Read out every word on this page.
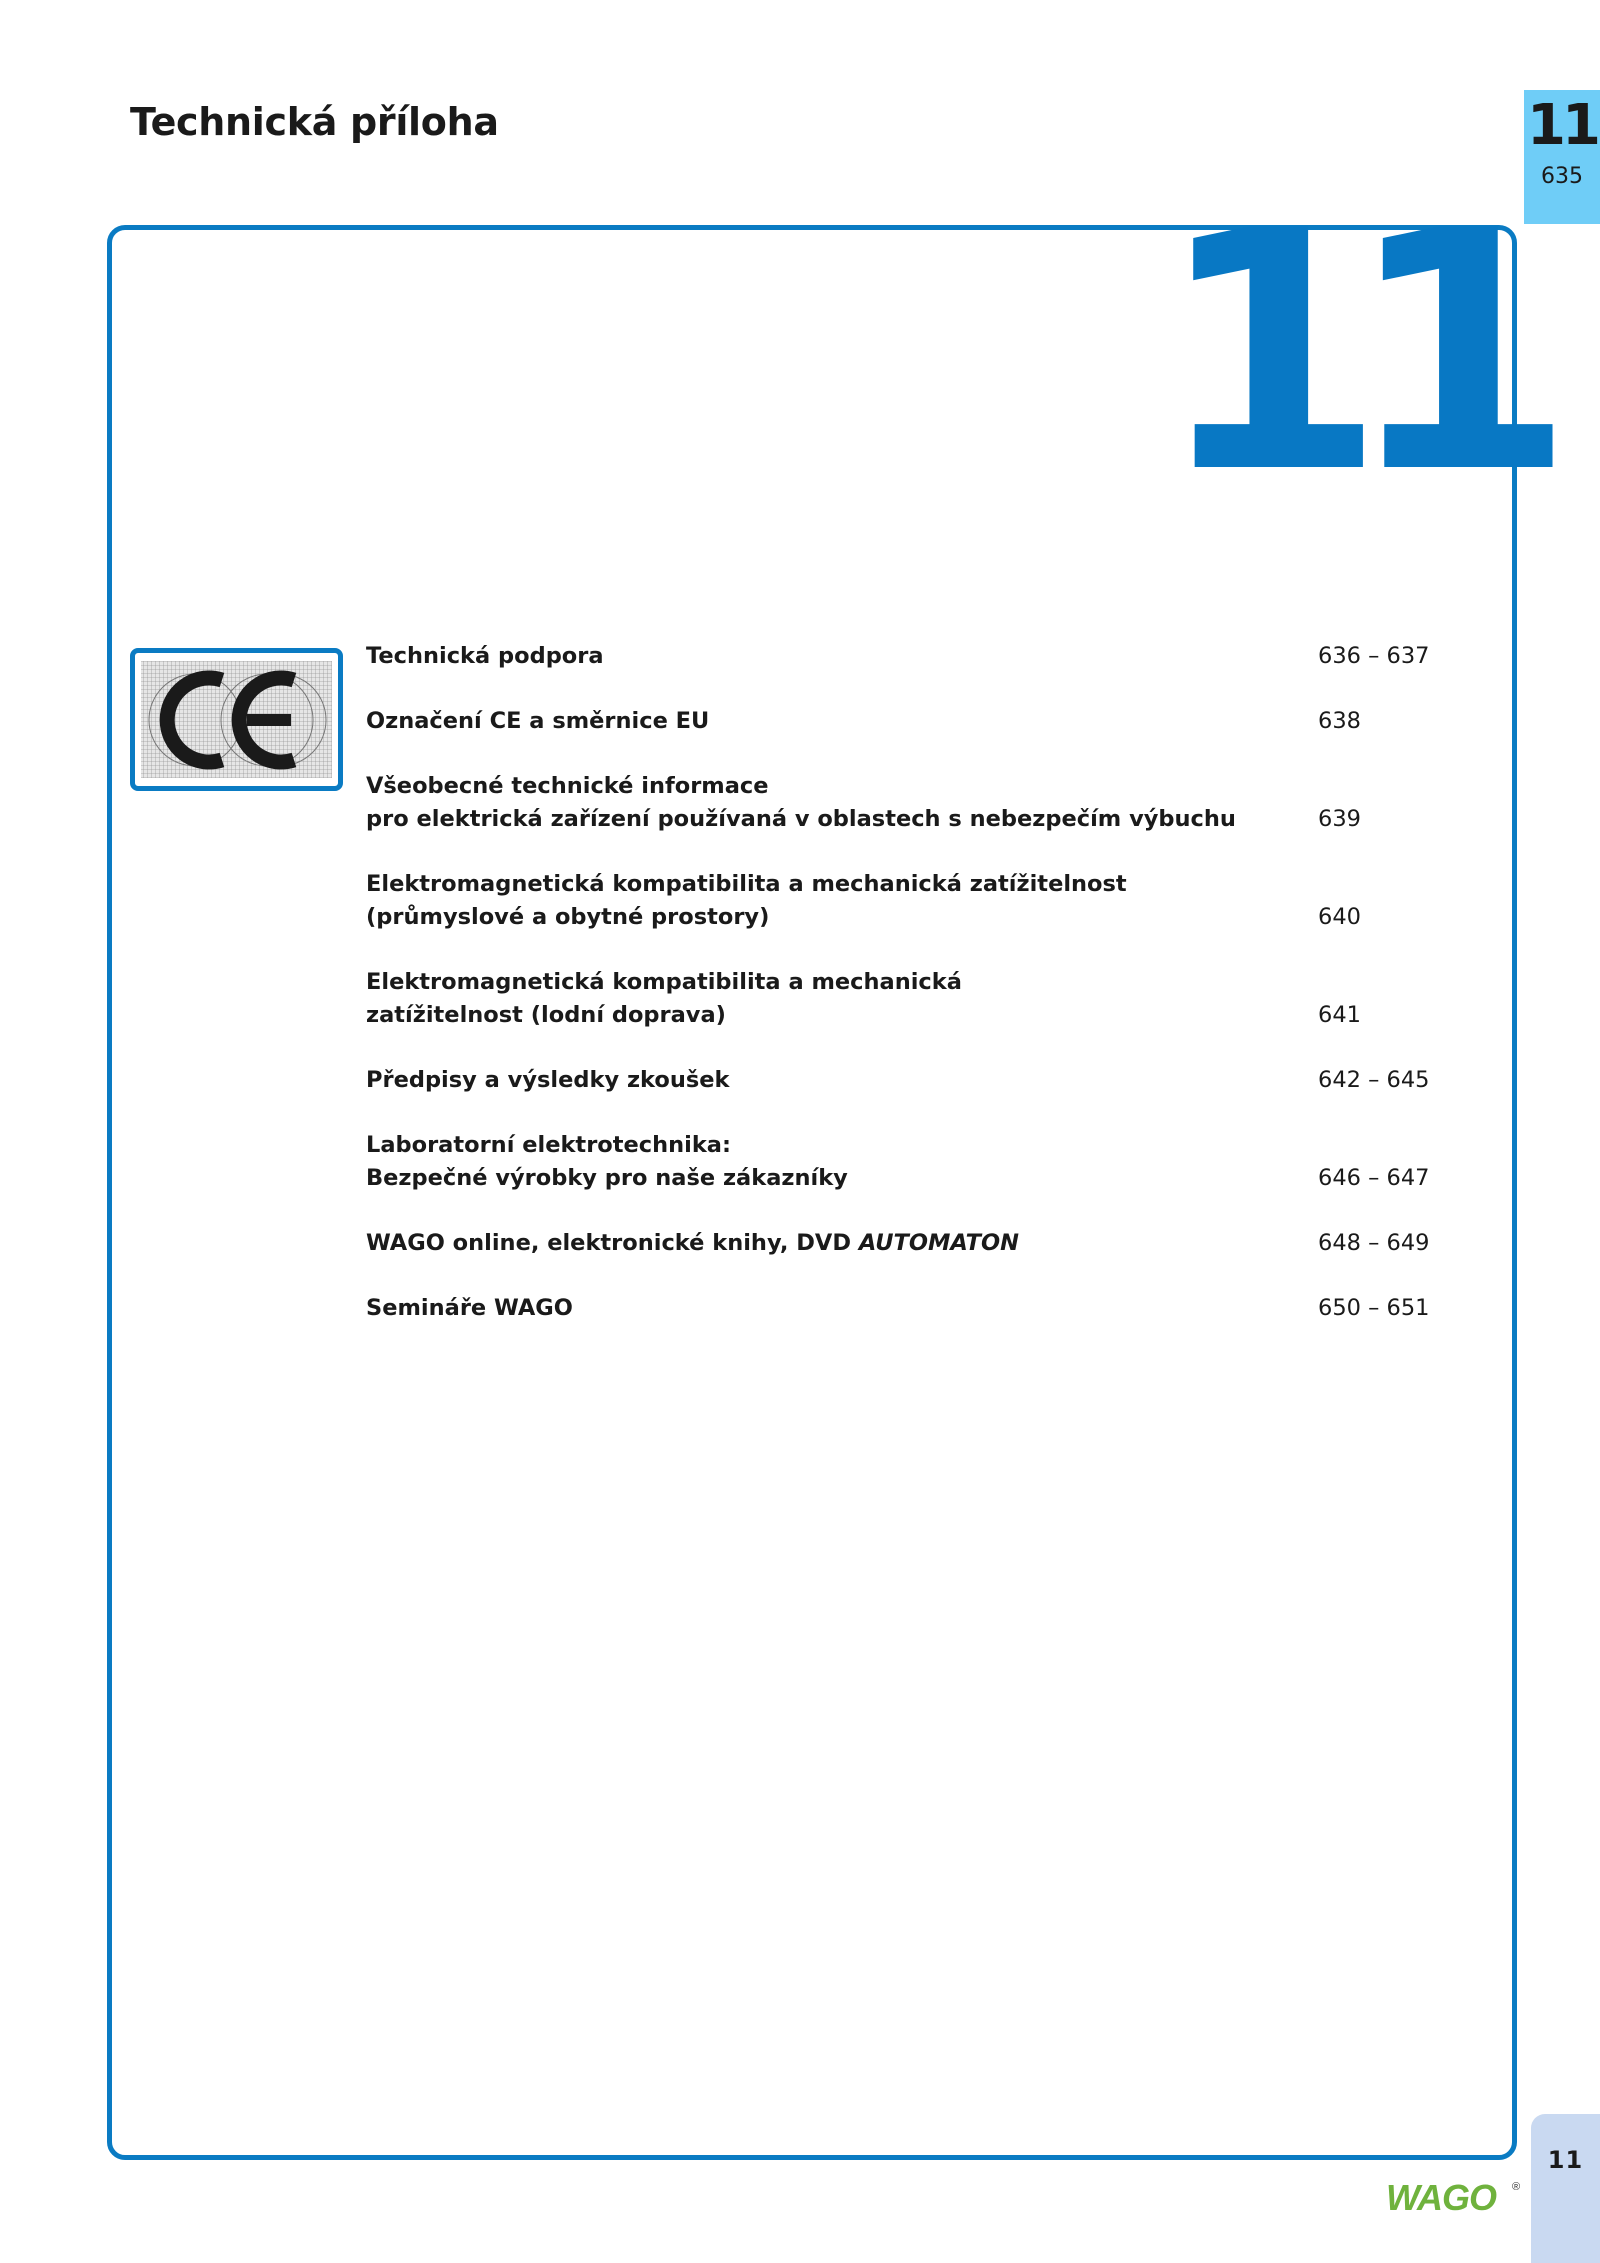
Technická příloha	11
635
11
Technická podpora	636 – 637
Označení CE a směrnice EU	638
Všeobecné technické informace
pro elektrická zařízení používaná v oblastech s nebezpečím výbuchu	639
Elektromagnetická kompatibilita a mechanická zatížitelnost
(průmyslové a obytné prostory)	640
Elektromagnetická kompatibilita a mechanická
zatížitelnost (lodní doprava)	641
Předpisy a výsledky zkoušek	642 – 645
Laboratorní elektrotechnika:
Bezpečné výrobky pro naše zákazníky	646 – 647
WAGO online, elektronické knihy, DVD AUTOMATON	648 – 649
Semináře WAGO	650 – 651
11
WAGO ®
